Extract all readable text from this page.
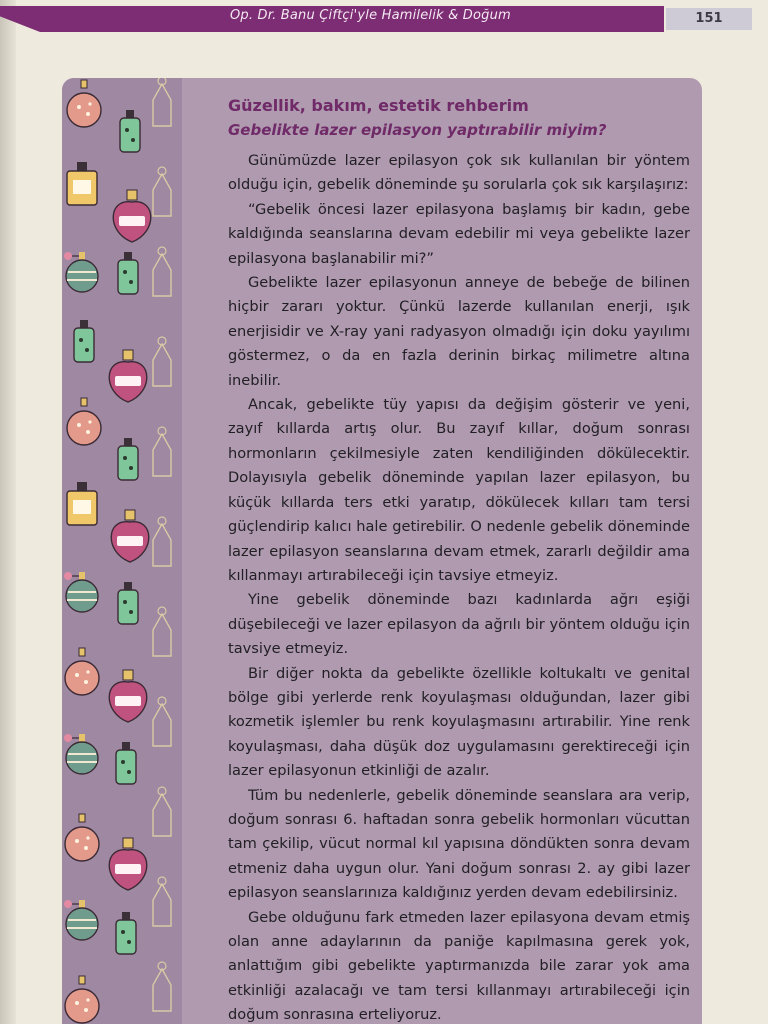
Op. Dr. Banu Çiftçi'yle Hamilelik & Doğum	151
Güzellik, bakım, estetik rehberim
Gebelikte lazer epilasyon yaptırabilir miyim?

Günümüzde lazer epilasyon çok sık kullanılan bir yöntem olduğu için, gebelik döneminde şu sorularla çok sık karşılaşırız:

“Gebelik öncesi lazer epilasyona başlamış bir kadın, gebe kaldığında seanslarına devam edebilir mi veya gebelikte lazer epilasyona başlanabilir mi?”

Gebelikte lazer epilasyonun anneye de bebeğe de bilinen hiçbir zararı yoktur. Çünkü lazerde kullanılan enerji, ışık enerjisidir ve X-ray yani radyasyon olmadığı için doku yayılımı göstermez, o da en fazla derinin birkaç milimetre altına inebilir.

Ancak, gebelikte tüy yapısı da değişim gösterir ve yeni, zayıf kıllarda artış olur. Bu zayıf kıllar, doğum sonrası hormonların çekilmesiyle zaten kendiliğinden dökülecektir. Dolayısıyla gebelik döneminde yapılan lazer epilasyon, bu küçük kıllarda ters etki yaratıp, dökülecek kılları tam tersi güçlendirip kalıcı hale getirebilir. O nedenle gebelik döneminde lazer epilasyon seanslarına devam etmek, zararlı değildir ama kıllanmayı artırabileceği için tavsiye etmeyiz.

Yine gebelik döneminde bazı kadınlarda ağrı eşiği düşebileceği ve lazer epilasyon da ağrılı bir yöntem olduğu için tavsiye etmeyiz.

Bir diğer nokta da gebelikte özellikle koltukaltı ve genital bölge gibi yerlerde renk koyulaşması olduğundan, lazer gibi kozmetik işlemler bu renk koyulaşmasını artırabilir. Yine renk koyulaşması, daha düşük doz uygulamasını gerektireceği için lazer epilasyonun etkinliği de azalır.

Tüm bu nedenlerle, gebelik döneminde seanslara ara verip, doğum sonrası 6. haftadan sonra gebelik hormonları vücuttan tam çekilip, vücut normal kıl yapısına döndükten sonra devam etmeniz daha uygun olur. Yani doğum sonrası 2. ay gibi lazer epilasyon seanslarınıza kaldığınız yerden devam edebilirsiniz.

Gebe olduğunu fark etmeden lazer epilasyona devam etmiş olan anne adaylarının da paniğe kapılmasına gerek yok, anlattığım gibi gebelikte yaptırmanızda bile zarar yok ama etkinliği azalacağı ve tam tersi kıllanmayı artırabileceği için doğum sonrasına erteliyoruz.
